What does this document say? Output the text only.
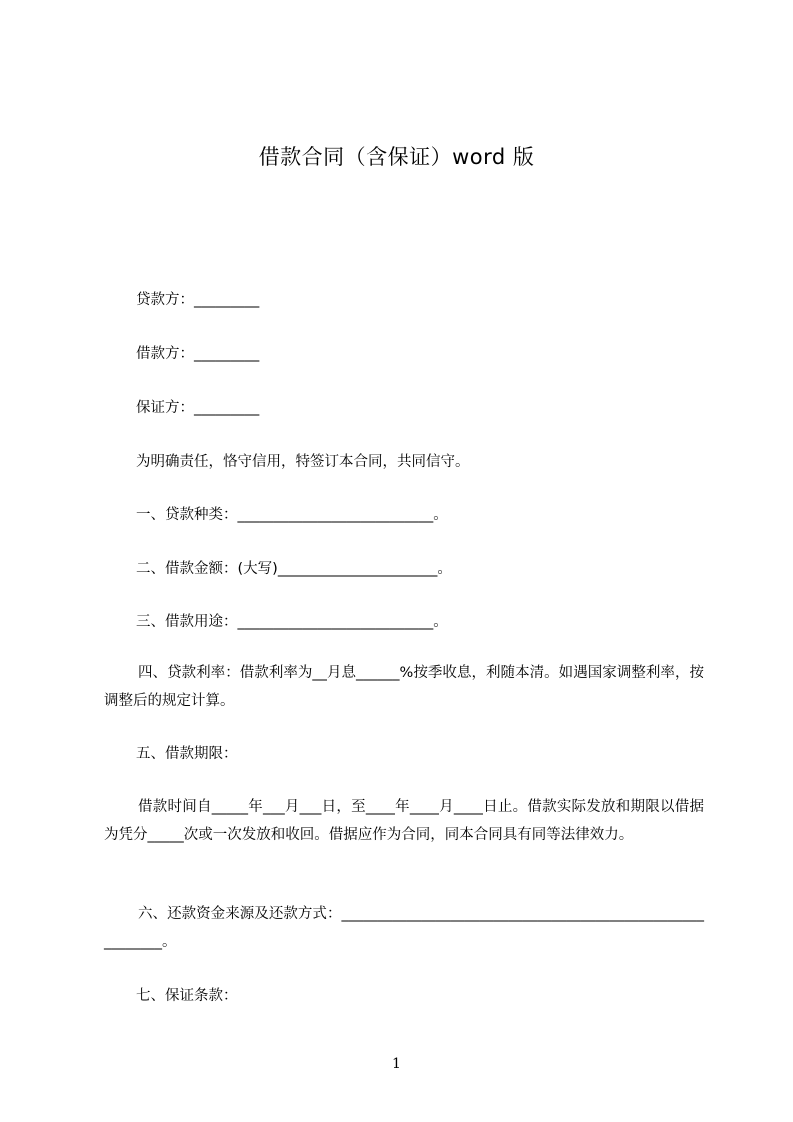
借款合同（含保证）word 版
贷款方：_________
借款方：_________
保证方：_________
为明确责任，恪守信用，特签订本合同，共同信守。
一、贷款种类：___________________________。
二、借款金额：(大写)______________________。
三、借款用途：___________________________。
四、贷款利率：借款利率为__月息______%按季收息，利随本清。如遇国家调整利率，按调整后的规定计算。
五、借款期限：
借款时间自_____年___月___日，至____年____月____日止。借款实际发放和期限以借据为凭分_____次或一次发放和收回。借据应作为合同，同本合同具有同等法律效力。
六、还款资金来源及还款方式：__________________________________________________________。
七、保证条款：
1
